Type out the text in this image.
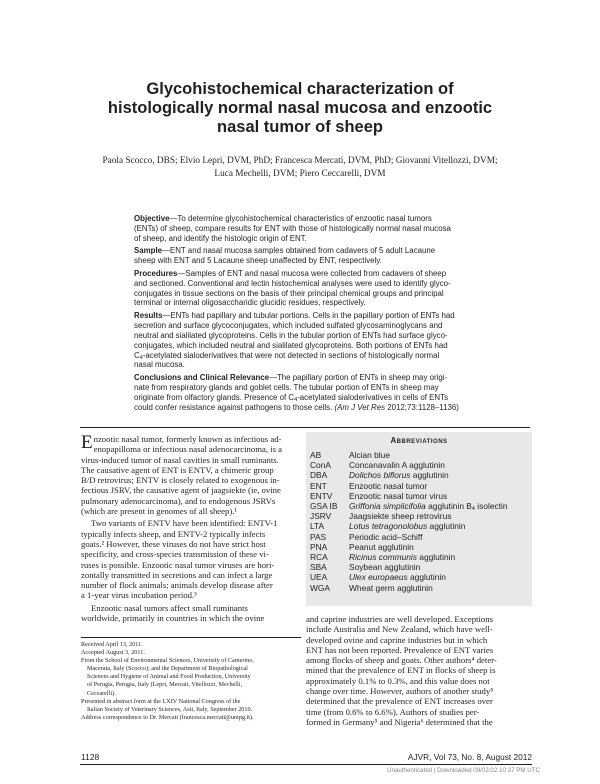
Glycohistochemical characterization of
histologically normal nasal mucosa and enzootic
nasal tumor of sheep
Paola Scocco, DBS; Elvio Lepri, DVM, PhD; Francesca Mercati, DVM, PhD; Giovanni Vitellozzi, DVM;
Luca Mechelli, DVM; Piero Ceccarelli, DVM
Objective—To determine glycohistochemical characteristics of enzootic nasal tumors
(ENTs) of sheep, compare results for ENT with those of histologically normal nasal mucosa
of sheep, and identify the histologic origin of ENT.
Sample—ENT and nasal mucosa samples obtained from cadavers of 5 adult Lacaune
sheep with ENT and 5 Lacaune sheep unaffected by ENT, respectively.
Procedures—Samples of ENT and nasal mucosa were collected from cadavers of sheep
and sectioned. Conventional and lectin histochemical analyses were used to identify glyco-
conjugates in tissue sections on the basis of their principal chemical groups and principal
terminal or internal oligosaccharidic glucidic residues, respectively.
Results—ENTs had papillary and tubular portions. Cells in the papillary portion of ENTs had
secretion and surface glycoconjugates, which included sulfated glycosaminoglycans and
neutral and sialilated glycoproteins. Cells in the tubular portion of ENTs had surface glyco-
conjugates, which included neutral and sialilated glycoproteins. Both portions of ENTs had
$C_4$-acetylated sialoderivatives that were not detected in sections of histologically normal
nasal mucosa.
Conclusions and Clinical Relevance—The papillary portion of ENTs in sheep may origi-
nate from respiratory glands and goblet cells. The tubular portion of ENTs in sheep may
originate from olfactory glands. Presence of $C_4$-acetylated sialoderivatives in cells of ENTs
could confer resistance against pathogens to those cells. (Am J Vet Res 2012;73:1128–1136)

E nzootic nasal tumor, formerly known as infectious ad-
enopapilloma or infectious nasal adenocarcinoma, is a
virus-induced tumor of nasal cavities in small ruminants.
The causative agent of ENT is ENTV, a chimeric group
B/D retrovirus; ENTV is closely related to exogenous in-
fectious JSRV, the causative agent of jaagsiekte (ie, ovine
pulmonary adenocarcinoma), and to endogenous JSRVs
(which are present in genomes of all sheep).¹

Two variants of ENTV have been identified: ENTV-1
typically infects sheep, and ENTV-2 typically infects
goats.² However, these viruses do not have strict host
specificity, and cross-species transmission of these vi-
ruses is possible. Enzootic nasal tumor viruses are hori-
zontally transmitted in secretions and can infect a large
number of flock animals; animals develop disease after
a 1-year virus incubation period.³

Enzootic nasal tumors affect small ruminants
worldwide, primarily in countries in which the ovine

Abbreviations
AB	Alcian blue
ConA	Concanavalin A agglutinin
DBA	Dolichos biflorus agglutinin
ENT	Enzootic nasal tumor
ENTV	Enzootic nasal tumor virus
GSA IB	Griffonia simplicifolia agglutinin $B_4$ isolectin
JSRV	Jaagsiekte sheep retrovirus
LTA	Lotus tetragonolobus agglutinin
PAS	Periodic acid–Schiff
PNA	Peanut agglutinin
RCA	Ricinus communis agglutinin
SBA	Soybean agglutinin
UEA	Ulex europaeus agglutinin
WGA	Wheat germ agglutinin
and caprine industries are well developed. Exceptions
include Australia and New Zealand, which have well-
developed ovine and caprine industries but in which
ENT has not been reported. Prevalence of ENT varies
among flocks of sheep and goats. Other authors⁴ deter-
mined that the prevalence of ENT in flocks of sheep is
approximately 0.1% to 0.3%, and this value does not
change over time. However, authors of another study⁵
determined that the prevalence of ENT increases over
time (from 0.6% to 6.6%). Authors of studies per-
formed in Germany⁵ and Nigeria⁶ determined that the
Received April 13, 2011.
Accepted August 3, 2011.
From the School of Environmental Sciences, University of Camerino,
Macerata, Italy (Scocco); and the Department of Biopathological
Sciences and Hygiene of Animal and Food Production, University
of Perugia, Perugia, Italy (Lepri, Mercati, Vitellozzi, Mechelli,
Ceccarelli).
Presented in abstract form at the LXIV National Congress of the
Italian Society of Veterinary Sciences, Asti, Italy, September 2010.
Address correspondence to Dr. Mercati (francesca.mercati@unipg.it).
1128	AJVR, Vol 73, No. 8, August 2012
Unauthenticated | Downloaded 09/02/22 10:37 PM UTC
